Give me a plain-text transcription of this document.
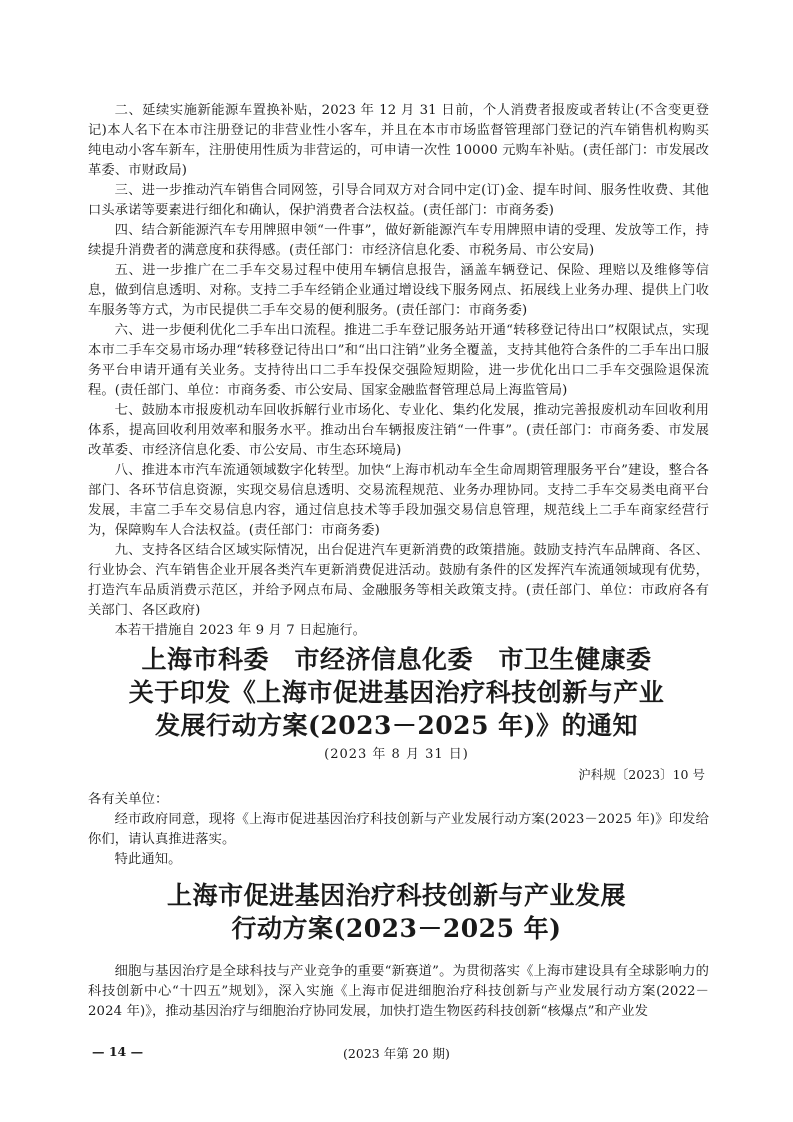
二、延续实施新能源车置换补贴，2023 年 12 月 31 日前，个人消费者报废或者转让(不含变更登记)本人名下在本市注册登记的非营业性小客车，并且在本市市场监督管理部门登记的汽车销售机构购买纯电动小客车新车，注册使用性质为非营运的，可申请一次性 10000 元购车补贴。(责任部门：市发展改革委、市财政局)

三、进一步推动汽车销售合同网签，引导合同双方对合同中定(订)金、提车时间、服务性收费、其他口头承诺等要素进行细化和确认，保护消费者合法权益。(责任部门：市商务委)

四、结合新能源汽车专用牌照申领“一件事”，做好新能源汽车专用牌照申请的受理、发放等工作，持续提升消费者的满意度和获得感。(责任部门：市经济信息化委、市税务局、市公安局)

五、进一步推广在二手车交易过程中使用车辆信息报告，涵盖车辆登记、保险、理赔以及维修等信息，做到信息透明、对称。支持二手车经销企业通过增设线下服务网点、拓展线上业务办理、提供上门收车服务等方式，为市民提供二手车交易的便利服务。(责任部门：市商务委)

六、进一步便利优化二手车出口流程。推进二手车登记服务站开通“转移登记待出口”权限试点，实现本市二手车交易市场办理“转移登记待出口”和“出口注销”业务全覆盖，支持其他符合条件的二手车出口服务平台申请开通有关业务。支持待出口二手车投保交强险短期险，进一步优化出口二手车交强险退保流程。(责任部门、单位：市商务委、市公安局、国家金融监督管理总局上海监管局)

七、鼓励本市报废机动车回收拆解行业市场化、专业化、集约化发展，推动完善报废机动车回收利用体系，提高回收利用效率和服务水平。推动出台车辆报废注销“一件事”。(责任部门：市商务委、市发展改革委、市经济信息化委、市公安局、市生态环境局)

八、推进本市汽车流通领域数字化转型。加快“上海市机动车全生命周期管理服务平台”建设，整合各部门、各环节信息资源，实现交易信息透明、交易流程规范、业务办理协同。支持二手车交易类电商平台发展，丰富二手车交易信息内容，通过信息技术等手段加强交易信息管理，规范线上二手车商家经营行为，保障购车人合法权益。(责任部门：市商务委)

九、支持各区结合区域实际情况，出台促进汽车更新消费的政策措施。鼓励支持汽车品牌商、各区、行业协会、汽车销售企业开展各类汽车更新消费促进活动。鼓励有条件的区发挥汽车流通领域现有优势，打造汽车品质消费示范区，并给予网点布局、金融服务等相关政策支持。(责任部门、单位：市政府各有关部门、各区政府)

本若干措施自 2023 年 9 月 7 日起施行。

上海市科委　市经济信息化委　市卫生健康委
关于印发《上海市促进基因治疗科技创新与产业
发展行动方案(2023－2025 年)》的通知
(2023 年 8 月 31 日)
沪科规〔2023〕10 号

各有关单位：

经市政府同意，现将《上海市促进基因治疗科技创新与产业发展行动方案(2023－2025 年)》印发给你们，请认真推进落实。

特此通知。

上海市促进基因治疗科技创新与产业发展
行动方案(2023－2025 年)

细胞与基因治疗是全球科技与产业竞争的重要“新赛道”。为贯彻落实《上海市建设具有全球影响力的科技创新中心“十四五”规划》，深入实施《上海市促进细胞治疗科技创新与产业发展行动方案(2022－2024 年)》，推动基因治疗与细胞治疗协同发展，加快打造生物医药科技创新“核爆点”和产业发

— 14 —	(2023 年第 20 期)
